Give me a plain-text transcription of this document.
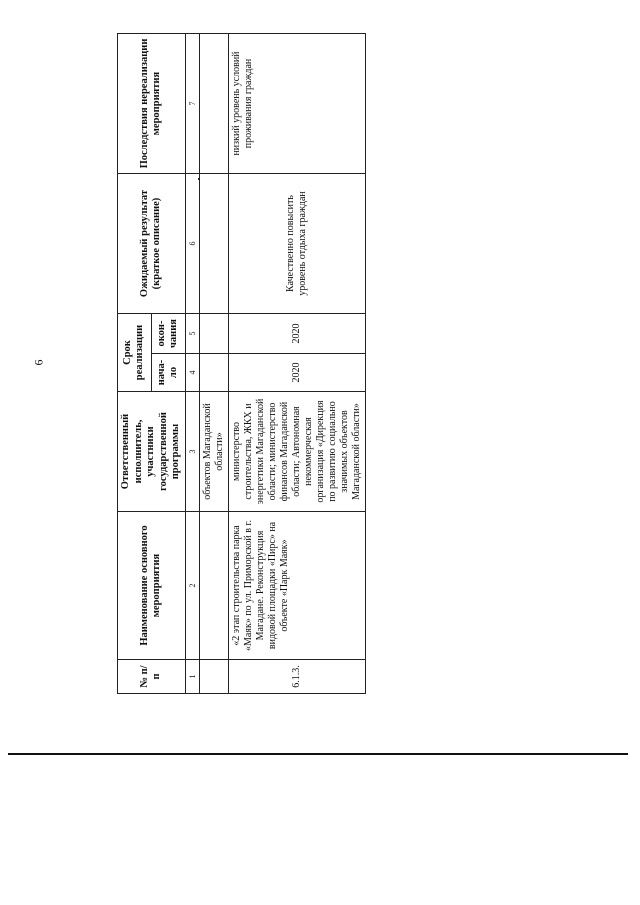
6
№ п/п	Наименование основного мероприятия	Ответственный исполнитель, участники государственной программы	Срок реализации		Ожидаемый результат (краткое описание)	Последствия нереализации мероприятия
			нача-ло	окон-чания		
1	2	3	4	5	6	7
		объектов Магаданской области»				
6.1.3.	«2 этап строительства парка «Маяк» по ул. Приморской в г. Магадане. Реконструкция видовой площадки «Пирс» на объекте «Парк Маяк»	министерство строительства, ЖКХ и энергетики Магаданской области; министерство финансов Магаданской области; Автономная некоммерческая организация «Дирекция по развитию социально значимых объектов Магаданской области»	2020	2020	Качественно повысить уровень отдыха граждан	низкий уровень условий проживания граждан
